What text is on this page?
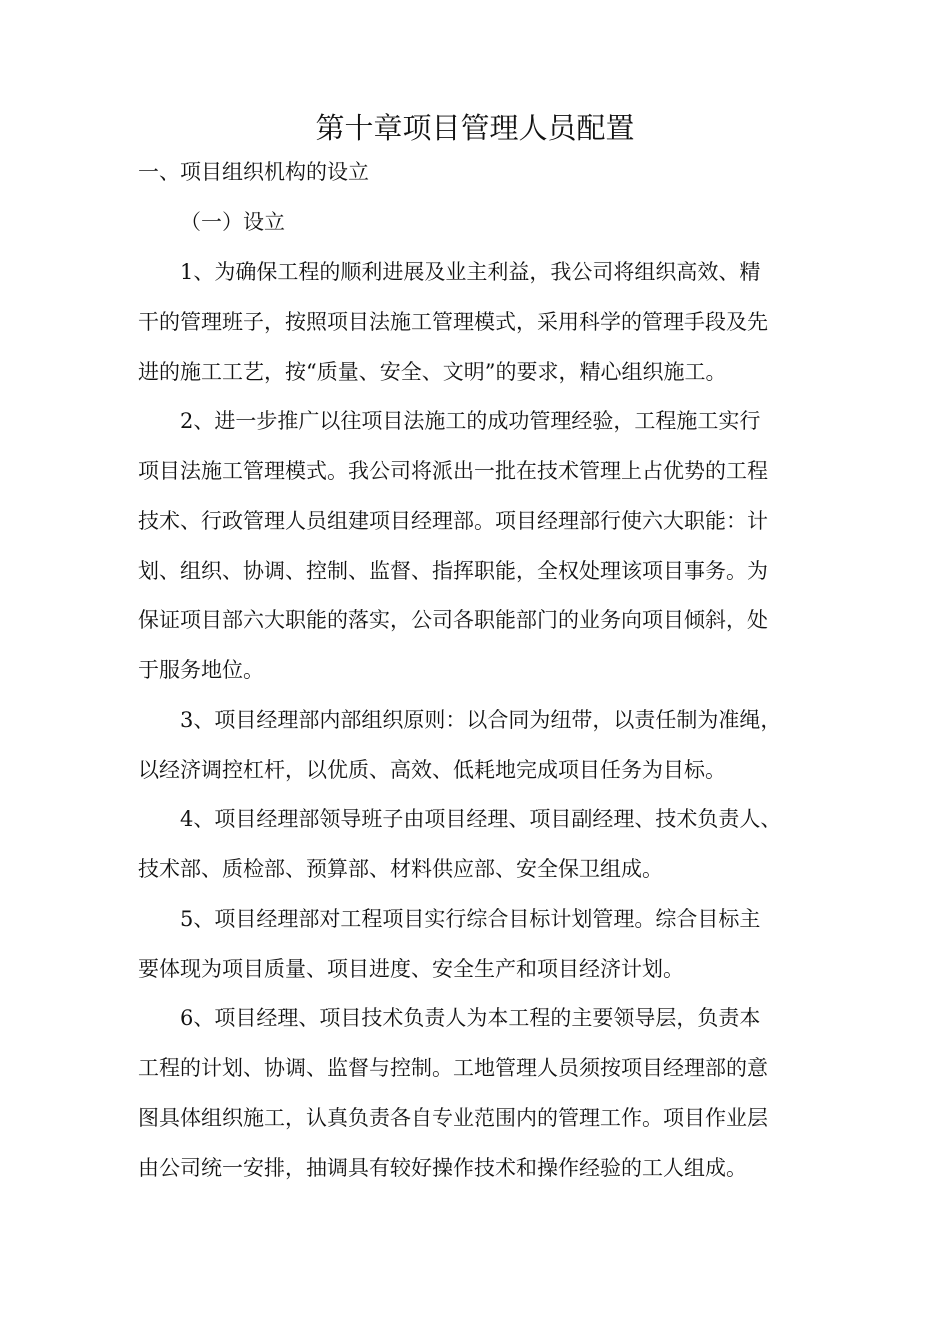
第十章项目管理人员配置
一、项目组织机构的设立
（一）设立
1、为确保工程的顺利进展及业主利益，我公司将组织高效、精
干的管理班子，按照项目法施工管理模式，采用科学的管理手段及先
进的施工工艺，按“质量、安全、文明”的要求，精心组织施工。
2、进一步推广以往项目法施工的成功管理经验，工程施工实行
项目法施工管理模式。我公司将派出一批在技术管理上占优势的工程
技术、行政管理人员组建项目经理部。项目经理部行使六大职能：计
划、组织、协调、控制、监督、指挥职能，全权处理该项目事务。为
保证项目部六大职能的落实，公司各职能部门的业务向项目倾斜，处
于服务地位。
3、项目经理部内部组织原则：以合同为纽带，以责任制为准绳，
以经济调控杠杆，以优质、高效、低耗地完成项目任务为目标。
4、项目经理部领导班子由项目经理、项目副经理、技术负责人、
技术部、质检部、预算部、材料供应部、安全保卫组成。
5、项目经理部对工程项目实行综合目标计划管理。综合目标主
要体现为项目质量、项目进度、安全生产和项目经济计划。
6、项目经理、项目技术负责人为本工程的主要领导层，负责本
工程的计划、协调、监督与控制。工地管理人员须按项目经理部的意
图具体组织施工，认真负责各自专业范围内的管理工作。项目作业层
由公司统一安排，抽调具有较好操作技术和操作经验的工人组成。
